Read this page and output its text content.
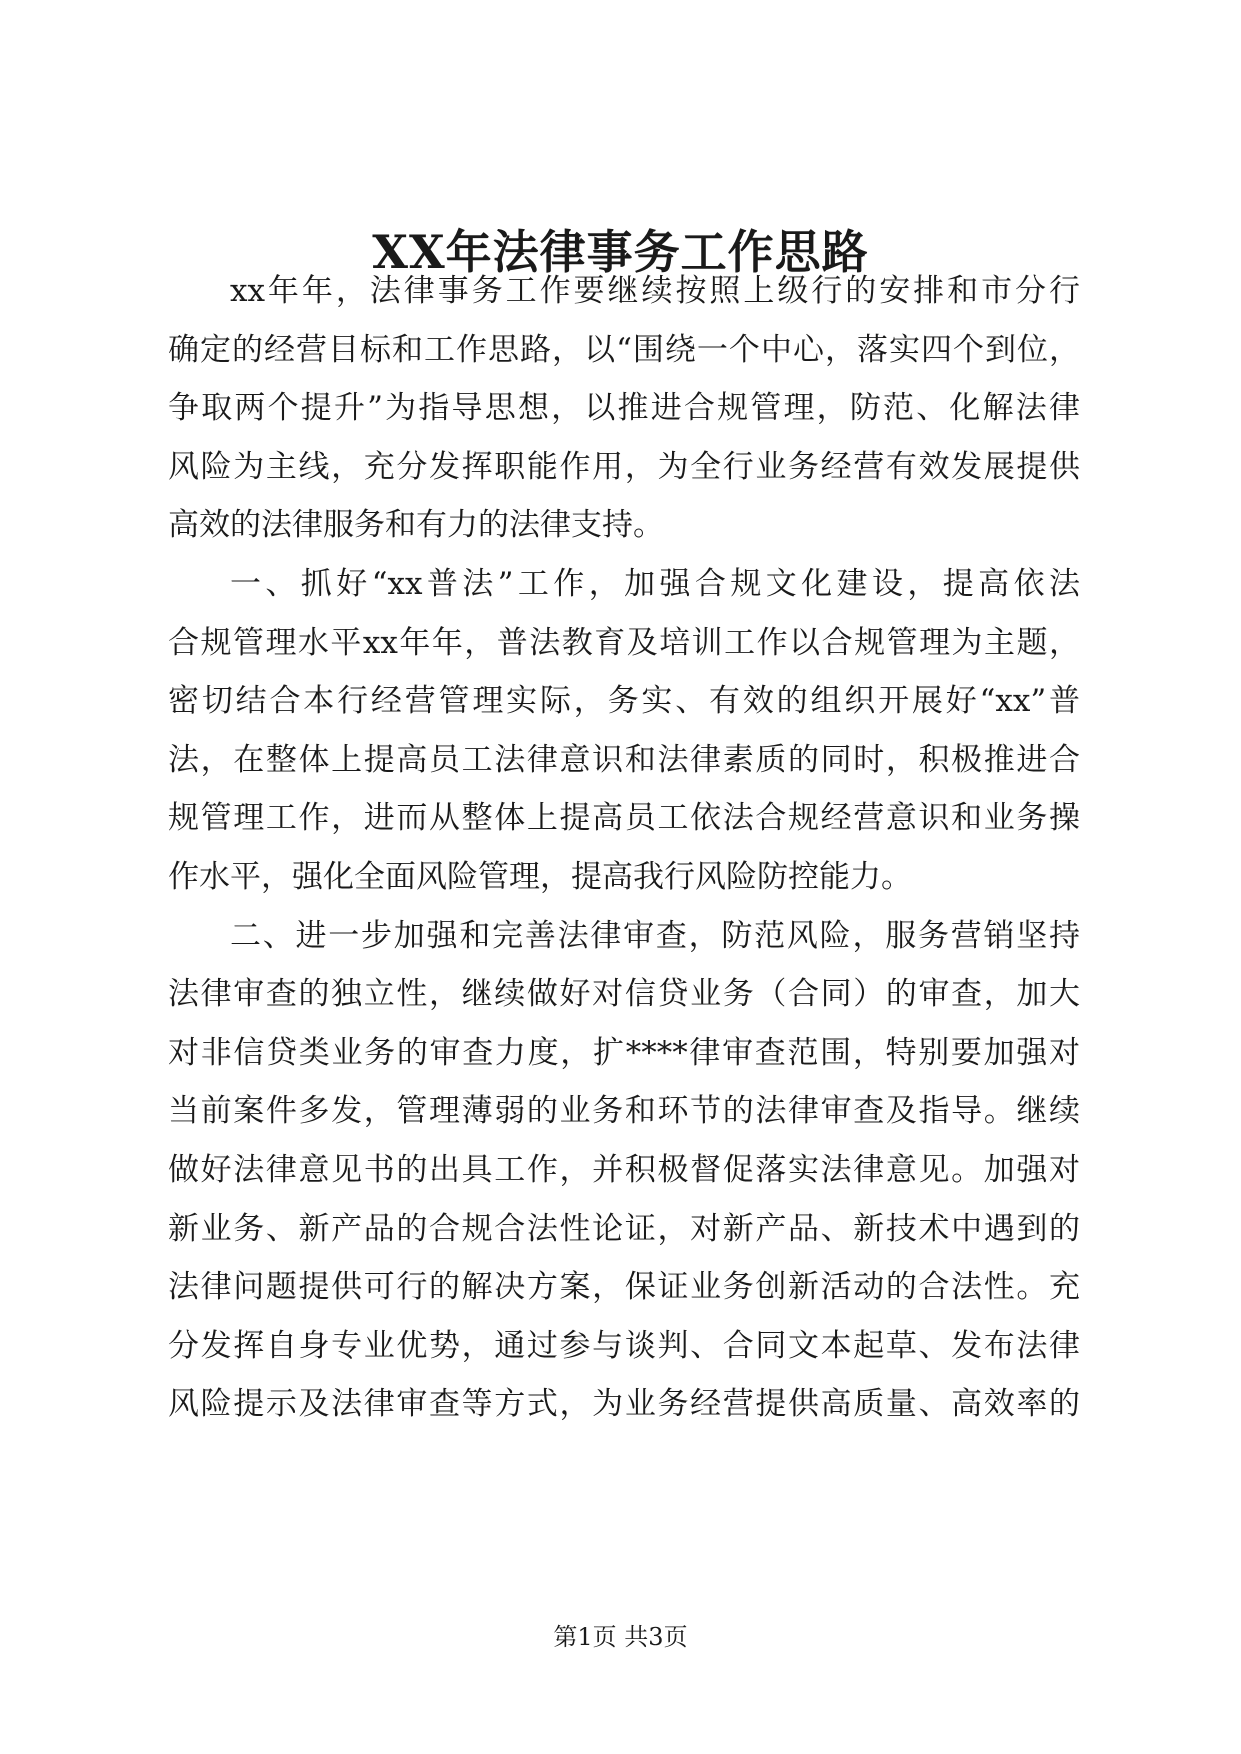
XX年法律事务工作思路
xx年年，法律事务工作要继续按照上级行的安排和市分行
确定的经营目标和工作思路，以“围绕一个中心，落实四个到位，
争取两个提升”为指导思想，以推进合规管理，防范、化解法律
风险为主线，充分发挥职能作用，为全行业务经营有效发展提供
高效的法律服务和有力的法律支持。
一、抓好“xx普法”工作，加强合规文化建设，提高依法
合规管理水平xx年年，普法教育及培训工作以合规管理为主题，
密切结合本行经营管理实际，务实、有效的组织开展好“xx”普
法，在整体上提高员工法律意识和法律素质的同时，积极推进合
规管理工作，进而从整体上提高员工依法合规经营意识和业务操
作水平，强化全面风险管理，提高我行风险防控能力。
二、进一步加强和完善法律审查，防范风险，服务营销坚持
法律审查的独立性，继续做好对信贷业务（合同）的审查，加大
对非信贷类业务的审查力度，扩****律审查范围，特别要加强对
当前案件多发，管理薄弱的业务和环节的法律审查及指导。继续
做好法律意见书的出具工作，并积极督促落实法律意见。加强对
新业务、新产品的合规合法性论证，对新产品、新技术中遇到的
法律问题提供可行的解决方案，保证业务创新活动的合法性。充
分发挥自身专业优势，通过参与谈判、合同文本起草、发布法律
风险提示及法律审查等方式，为业务经营提供高质量、高效率的
第1页 共3页
